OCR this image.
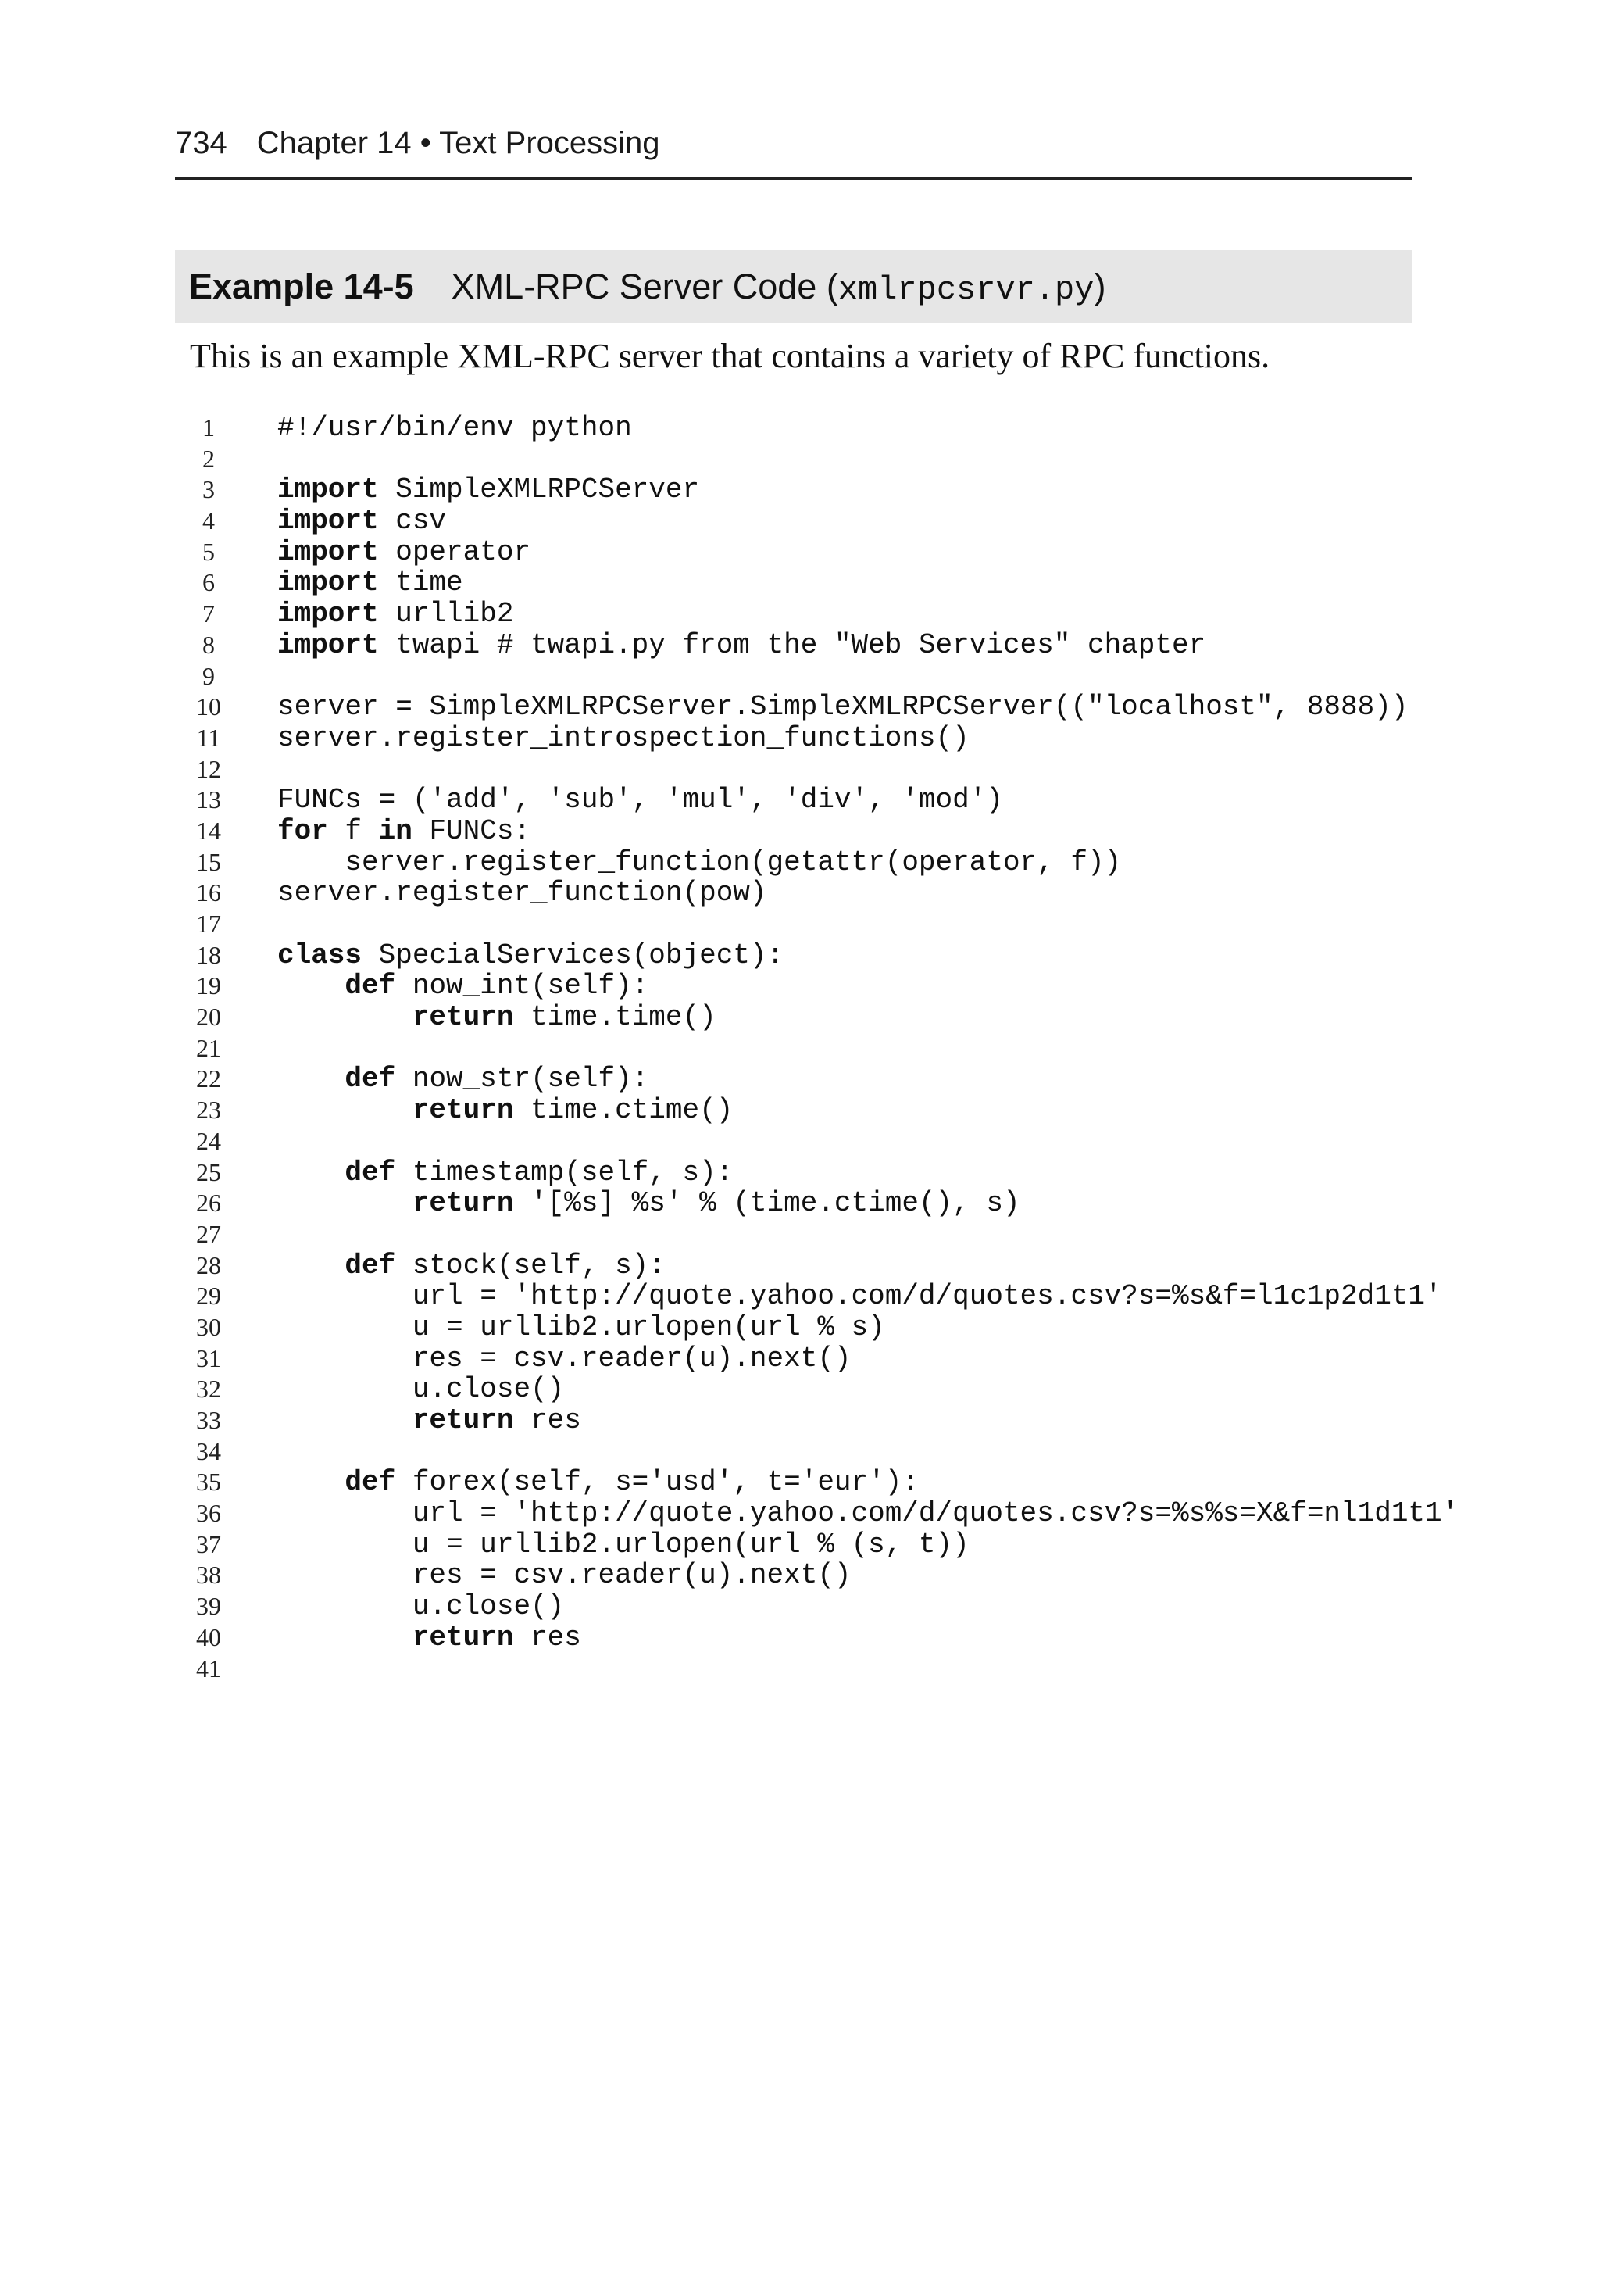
734 Chapter 14 • Text Processing
Example 14-5 XML-RPC Server Code (xmlrpcsrvr.py)
This is an example XML-RPC server that contains a variety of RPC functions.
1	#!/usr/bin/env python
2
3	import SimpleXMLRPCServer
4	import csv
5	import operator
6	import time
7	import urllib2
8	import twapi # twapi.py from the "Web Services" chapter
9
10	server = SimpleXMLRPCServer.SimpleXMLRPCServer(("localhost", 8888))
11	server.register_introspection_functions()
12
13	FUNCs = ('add', 'sub', 'mul', 'div', 'mod')
14	for f in FUNCs:
15	server.register_function(getattr(operator, f))
16	server.register_function(pow)
17
18	class SpecialServices(object):
19	def now_int(self):
20	return time.time()
21
22	def now_str(self):
23	return time.ctime()
24
25	def timestamp(self, s):
26	return '[%s] %s' % (time.ctime(), s)
27
28	def stock(self, s):
29	url = 'http://quote.yahoo.com/d/quotes.csv?s=%s&f=l1c1p2d1t1'
30	u = urllib2.urlopen(url % s)
31	res = csv.reader(u).next()
32	u.close()
33	return res
34
35	def forex(self, s='usd', t='eur'):
36	url = 'http://quote.yahoo.com/d/quotes.csv?s=%s%s=X&f=nl1d1t1'
37	u = urllib2.urlopen(url % (s, t))
38	res = csv.reader(u).next()
39	u.close()
40	return res
41
